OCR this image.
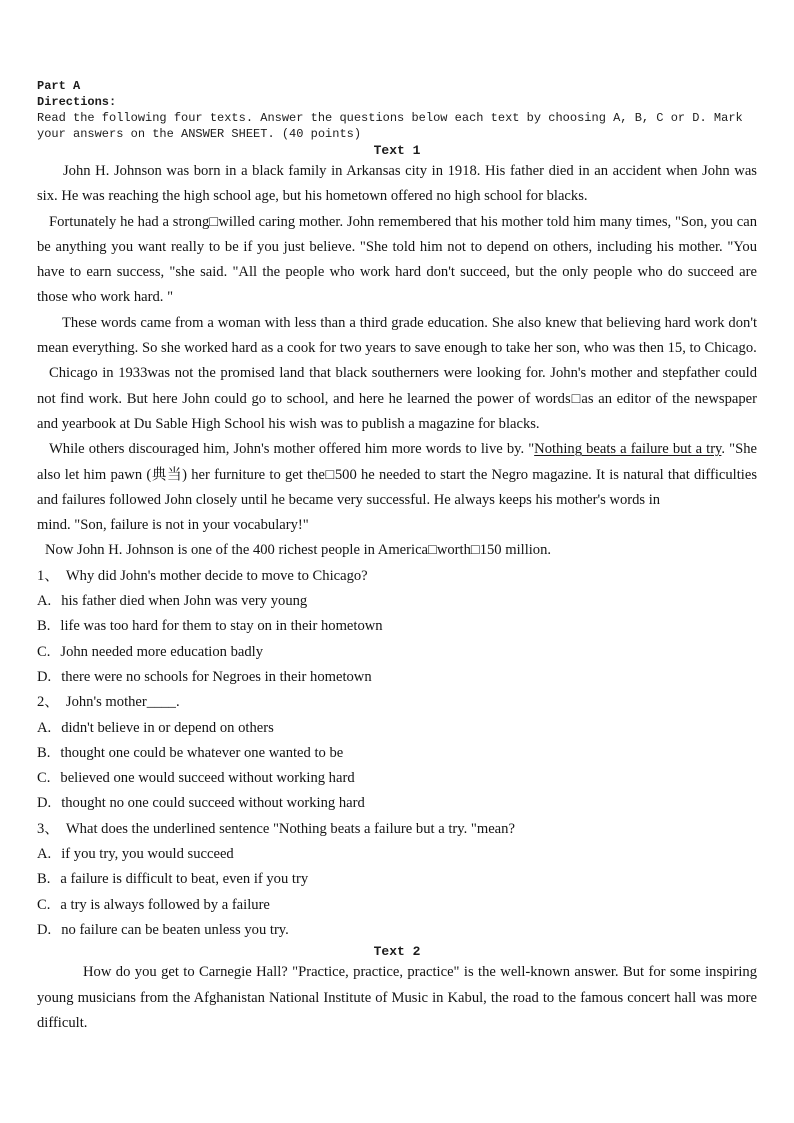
Part A
Directions:
Read the following four texts. Answer the questions below each text by choosing A, B, C or D. Mark your answers on the ANSWER SHEET. (40 points)
Text 1

John H. Johnson was born in a black family in Arkansas city in 1918. His father died in an accident when John was six. He was reaching the high school age, but his hometown offered no high school for blacks.

Fortunately he had a strong□willed caring mother. John remembered that his mother told him many times, "Son, you can be anything you want really to be if you just believe. "She told him not to depend on others, including his mother. "You have to earn success, "she said. "All the people who work hard don't succeed, but the only people who do succeed are those who work hard. "

These words came from a woman with less than a third grade education. She also knew that believing hard work don't mean everything. So she worked hard as a cook for two years to save enough to take her son, who was then 15, to Chicago.

Chicago in 1933was not the promised land that black southerners were looking for. John's mother and stepfather could not find work. But here John could go to school, and here he learned the power of words□as an editor of the newspaper and yearbook at Du Sable High School his wish was to publish a magazine for blacks.

While others discouraged him, John's mother offered him more words to live by. "Nothing beats a failure but a try. "She also let him pawn (典当) her furniture to get the□500 he needed to start the Negro magazine. It is natural that difficulties and failures followed John closely until he became very successful. He always keeps his mother's words in

mind. "Son, failure is not in your vocabulary!"

Now John H. Johnson is one of the 400 richest people in America□worth□150 million.

1、 Why did John's mother decide to move to Chicago?
A. his father died when John was very young
B. life was too hard for them to stay on in their hometown
C. John needed more education badly
D. there were no schools for Negroes in their hometown
2、 John's mother____.
A. didn't believe in or depend on others
B. thought one could be whatever one wanted to be
C. believed one would succeed without working hard
D. thought no one could succeed without working hard
3、 What does the underlined sentence "Nothing beats a failure but a try. "mean?
A. if you try, you would succeed
B. a failure is difficult to beat, even if you try
C. a try is always followed by a failure
D. no failure can be beaten unless you try.
Text 2

How do you get to Carnegie Hall? "Practice, practice, practice" is the well-known answer. But for some inspiring young musicians from the Afghanistan National Institute of Music in Kabul, the road to the famous concert hall was more difficult.
